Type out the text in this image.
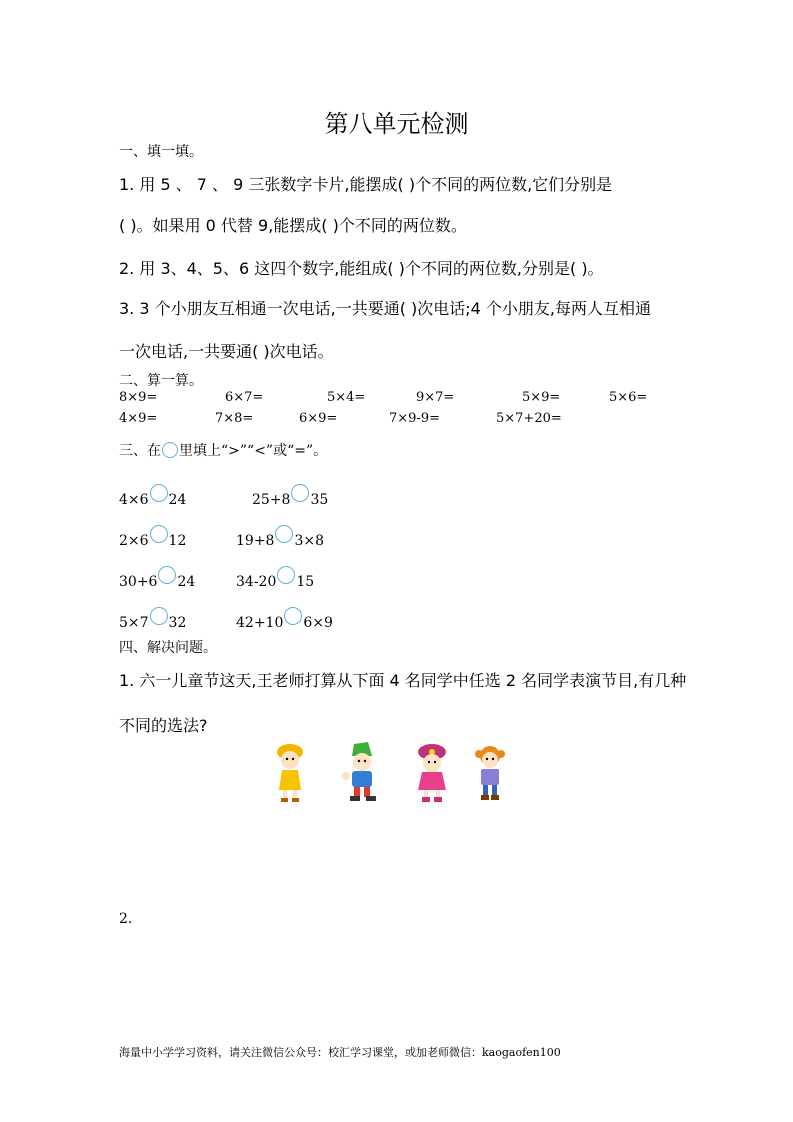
第八单元检测
一、填一填。
1. 用 5 、 7 、 9 三张数字卡片,能摆成( )个不同的两位数,它们分别是
( )。如果用 0 代替 9,能摆成( )个不同的两位数。
2. 用 3、4、5、6 这四个数字,能组成( )个不同的两位数,分别是( )。
3. 3 个小朋友互相通一次电话,一共要通( )次电话;4 个小朋友,每两人互相通
一次电话,一共要通( )次电话。
二、算一算。
8×9=	6×7=	5×4=	9×7=	5×9=	5×6=
4×9=	7×8=	6×9=	7×9-9=	5×7+20=
三、在 里填上“>”“<”或“=”。
4×6 24	25+8 35
2×6 12	19+8 3×8
30+6 24	34-20 15
5×7 32	42+10 6×9
四、解决问题。
1. 六一儿童节这天,王老师打算从下面 4 名同学中任选 2 名同学表演节目,有几种
不同的选法?
2.
海量中小学学习资料，请关注微信公众号：校汇学习课堂，或加老师微信：kaogaofen100
